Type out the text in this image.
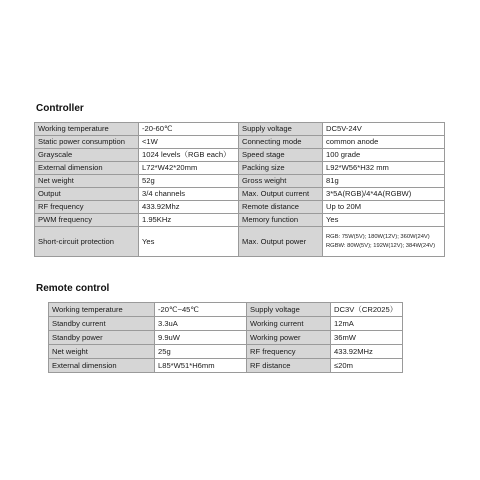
Controller
Working temperature	-20-60℃	Supply voltage	DC5V-24V
Static power consumption	<1W	Connecting mode	common anode
Grayscale	1024 levels（RGB each）	Speed stage	100 grade
External dimension	L72*W42*20mm	Packing size	L92*W56*H32 mm
Net weight	52g	Gross weight	81g
Output	3/4 channels	Max. Output current	3*5A(RGB)/4*4A(RGBW)
RF frequency	433.92Mhz	Remote distance	Up to 20M
PWM frequency	1.95KHz	Memory function	Yes
Short-circuit protection	Yes	Max. Output power	RGB: 75W(5V); 180W(12V); 360W(24V)
RGBW: 80W(5V); 192W(12V); 384W(24V)
Remote control
Working temperature	-20℃~45℃	Supply voltage	DC3V（CR2025）
Standby current	3.3uA	Working current	12mA
Standby power	9.9uW	Working power	36mW
Net weight	25g	RF frequency	433.92MHz
External dimension	L85*W51*H6mm	RF distance	≤20m
